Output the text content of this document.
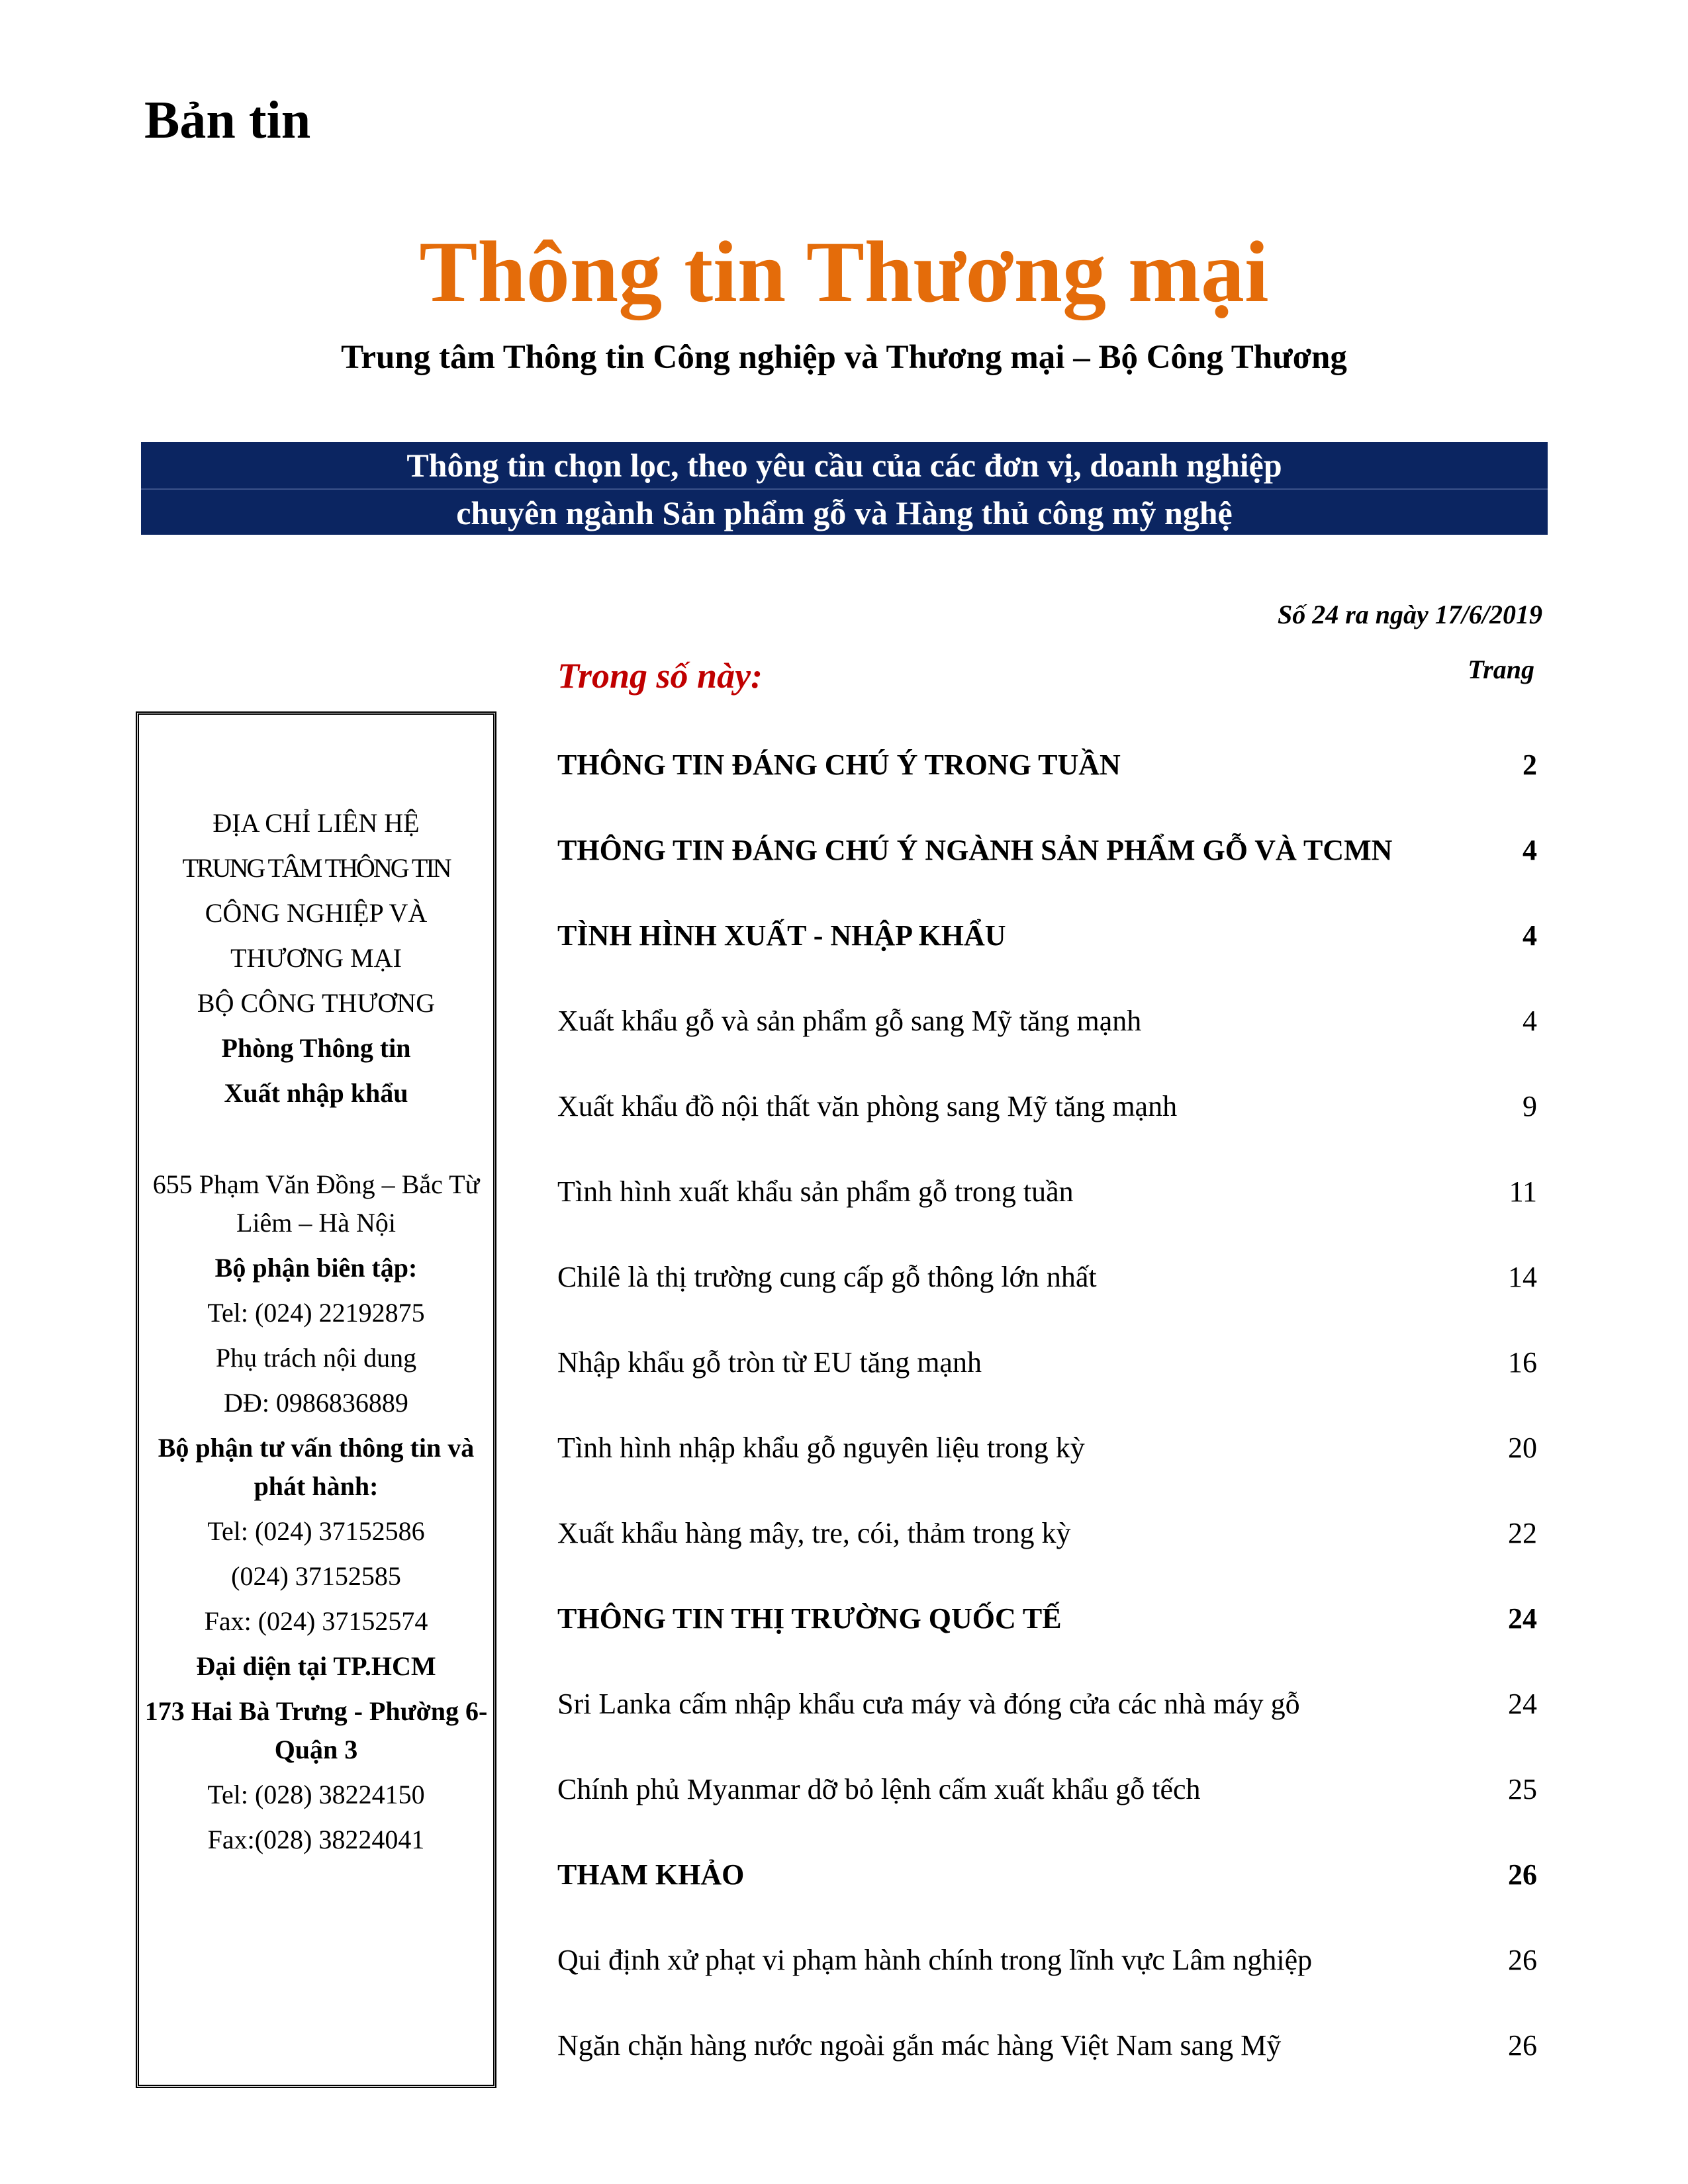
Bản tin
Thông tin Thương mại
Trung tâm Thông tin Công nghiệp và Thương mại – Bộ Công Thương
Thông tin chọn lọc, theo yêu cầu của các đơn vị, doanh nghiệp
chuyên ngành Sản phẩm gỗ và Hàng thủ công mỹ nghệ
Số 24 ra ngày 17/6/2019
Trong số này:	Trang
ĐỊA CHỈ LIÊN HỆ
TRUNG TÂM THÔNG TIN
CÔNG NGHIỆP VÀ
THƯƠNG MẠI
BỘ CÔNG THƯƠNG
Phòng Thông tin
Xuất nhập khẩu
655 Phạm Văn Đồng – Bắc Từ Liêm – Hà Nội
Bộ phận biên tập:
Tel: (024) 22192875
Phụ trách nội dung
DĐ: 0986836889
Bộ phận tư vấn thông tin và phát hành:
Tel: (024) 37152586
(024) 37152585
Fax: (024) 37152574
Đại diện tại TP.HCM
173 Hai Bà Trưng - Phường 6- Quận 3
Tel: (028) 38224150
Fax:(028) 38224041
THÔNG TIN ĐÁNG CHÚ Ý TRONG TUẦN	2
THÔNG TIN ĐÁNG CHÚ Ý NGÀNH SẢN PHẨM GỖ VÀ TCMN	4
TÌNH HÌNH XUẤT - NHẬP KHẨU	4
Xuất khẩu gỗ và sản phẩm gỗ sang Mỹ tăng mạnh	4
Xuất khẩu đồ nội thất văn phòng sang Mỹ tăng mạnh	9
Tình hình xuất khẩu sản phẩm gỗ trong tuần	11
Chilê là thị trường cung cấp gỗ thông lớn nhất	14
Nhập khẩu gỗ tròn từ EU tăng mạnh	16
Tình hình nhập khẩu gỗ nguyên liệu trong kỳ	20
Xuất khẩu hàng mây, tre, cói, thảm trong kỳ	22
THÔNG TIN THỊ TRƯỜNG QUỐC TẾ	24
Sri Lanka cấm nhập khẩu cưa máy và đóng cửa các nhà máy gỗ	24
Chính phủ Myanmar dỡ bỏ lệnh cấm xuất khẩu gỗ tếch	25
THAM KHẢO	26
Qui định xử phạt vi phạm hành chính trong lĩnh vực Lâm nghiệp	26
Ngăn chặn hàng nước ngoài gắn mác hàng Việt Nam sang Mỹ	26
